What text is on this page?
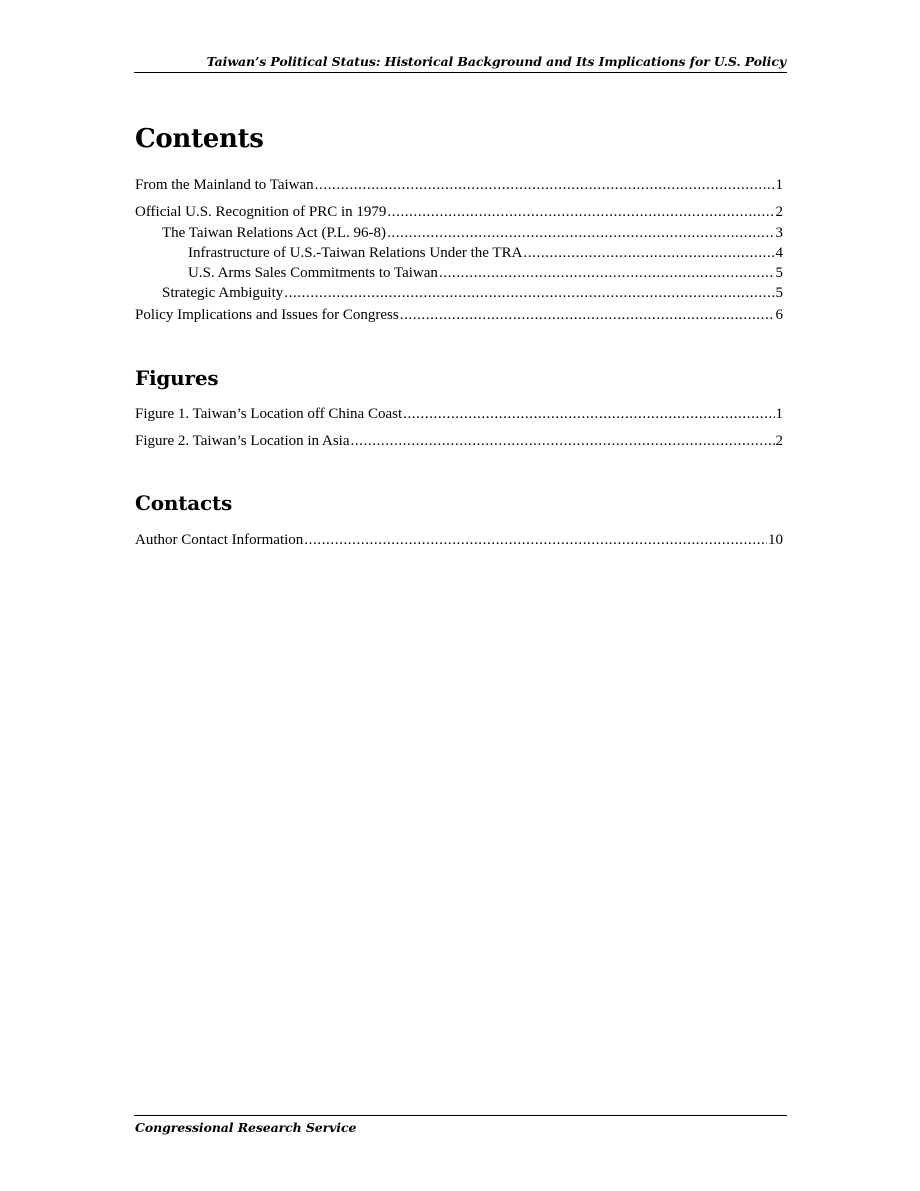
Taiwan’s Political Status: Historical Background and Its Implications for U.S. Policy
Contents
From the Mainland to Taiwan .....	1
Official U.S. Recognition of PRC in 1979 .....	2
The Taiwan Relations Act (P.L. 96-8) .....	3
Infrastructure of U.S.-Taiwan Relations Under the TRA .....	4
U.S. Arms Sales Commitments to Taiwan .....	5
Strategic Ambiguity .....	5
Policy Implications and Issues for Congress .....	6
Figures
Figure 1. Taiwan’s Location off China Coast .....	1
Figure 2. Taiwan’s Location in Asia .....	2
Contacts
Author Contact Information .....	10
Congressional Research Service
